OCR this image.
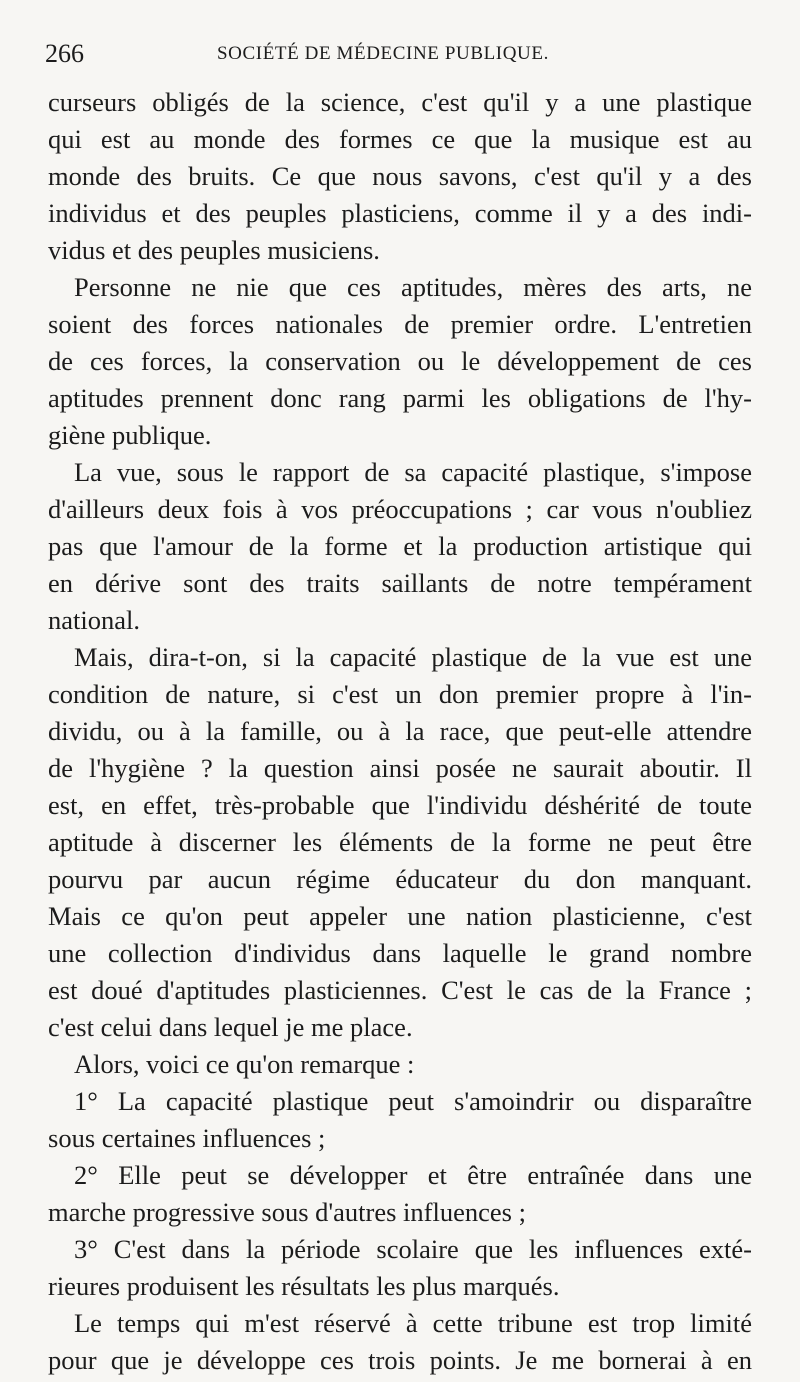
266	SOCIÉTÉ DE MÉDECINE PUBLIQUE.
curseurs obligés de la science, c'est qu'il y a une plastique
qui est au monde des formes ce que la musique est au
monde des bruits. Ce que nous savons, c'est qu'il y a des
individus et des peuples plasticiens, comme il y a des indi-
vidus et des peuples musiciens.
Personne ne nie que ces aptitudes, mères des arts, ne
soient des forces nationales de premier ordre. L'entretien
de ces forces, la conservation ou le développement de ces
aptitudes prennent donc rang parmi les obligations de l'hy-
giène publique.
La vue, sous le rapport de sa capacité plastique, s'impose
d'ailleurs deux fois à vos préoccupations ; car vous n'oubliez
pas que l'amour de la forme et la production artistique qui
en dérive sont des traits saillants de notre tempérament
national.
Mais, dira-t-on, si la capacité plastique de la vue est une
condition de nature, si c'est un don premier propre à l'in-
dividu, ou à la famille, ou à la race, que peut-elle attendre
de l'hygiène ? la question ainsi posée ne saurait aboutir. Il
est, en effet, très-probable que l'individu déshérité de toute
aptitude à discerner les éléments de la forme ne peut être
pourvu par aucun régime éducateur du don manquant.
Mais ce qu'on peut appeler une nation plasticienne, c'est
une collection d'individus dans laquelle le grand nombre
est doué d'aptitudes plasticiennes. C'est le cas de la France ;
c'est celui dans lequel je me place.
Alors, voici ce qu'on remarque :
1° La capacité plastique peut s'amoindrir ou disparaître
sous certaines influences ;
2° Elle peut se développer et être entraînée dans une
marche progressive sous d'autres influences ;
3° C'est dans la période scolaire que les influences exté-
rieures produisent les résultats les plus marqués.
Le temps qui m'est réservé à cette tribune est trop limité
pour que je développe ces trois points. Je me bornerai à en
